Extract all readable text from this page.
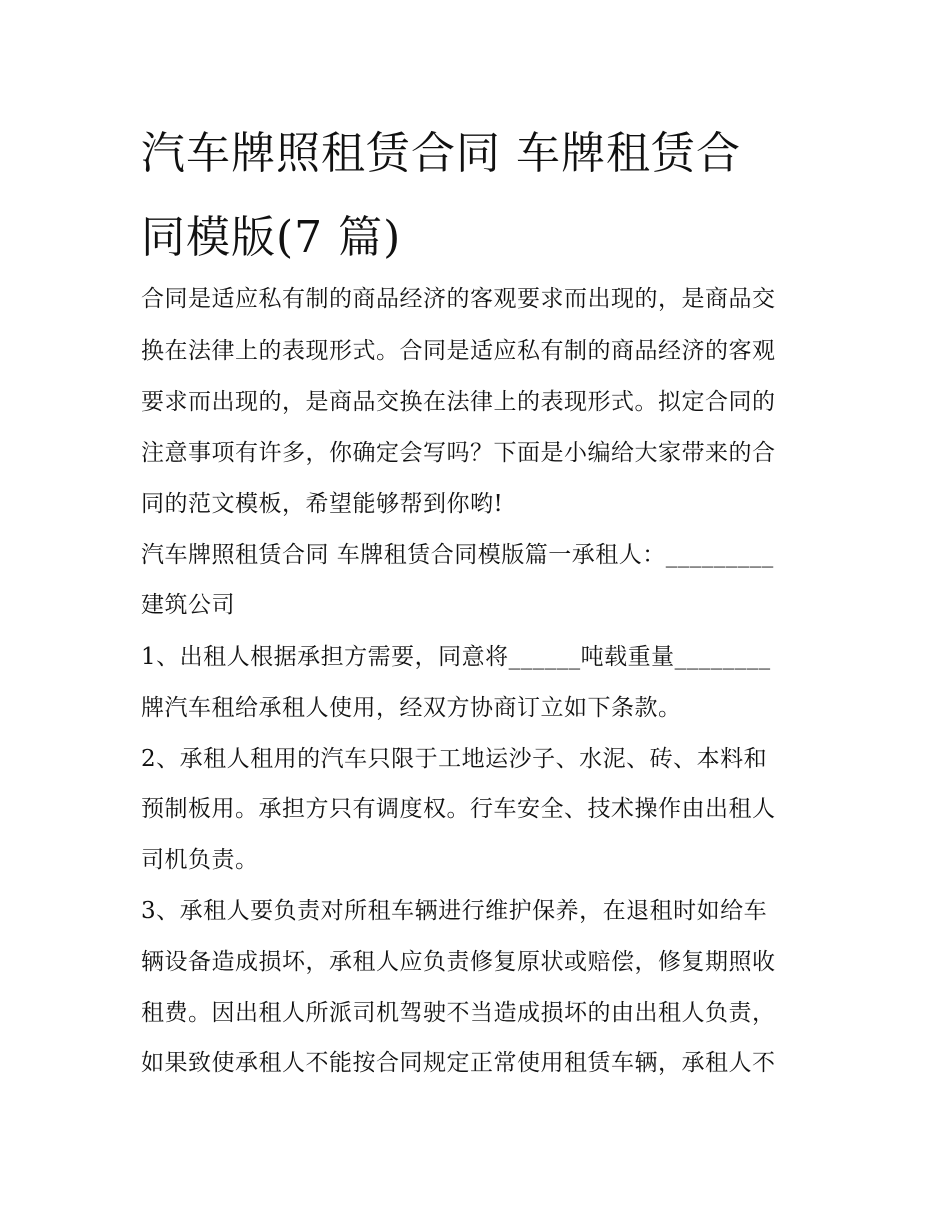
汽车牌照租赁合同 车牌租赁合
同模版(7 篇)

合同是适应私有制的商品经济的客观要求而出现的，是商品交

换在法律上的表现形式。合同是适应私有制的商品经济的客观

要求而出现的，是商品交换在法律上的表现形式。拟定合同的

注意事项有许多，你确定会写吗？下面是小编给大家带来的合

同的范文模板，希望能够帮到你哟!

汽车牌照租赁合同 车牌租赁合同模版篇一承租人：_________

建筑公司

1、出租人根据承担方需要，同意将______吨载重量________

牌汽车租给承租人使用，经双方协商订立如下条款。

2、承租人租用的汽车只限于工地运沙子、水泥、砖、本料和

预制板用。承担方只有调度权。行车安全、技术操作由出租人

司机负责。

3、承租人要负责对所租车辆进行维护保养，在退租时如给车

辆设备造成损坏，承租人应负责修复原状或赔偿，修复期照收

租费。因出租人所派司机驾驶不当造成损坏的由出租人负责，

如果致使承租人不能按合同规定正常使用租赁车辆，承租人不
